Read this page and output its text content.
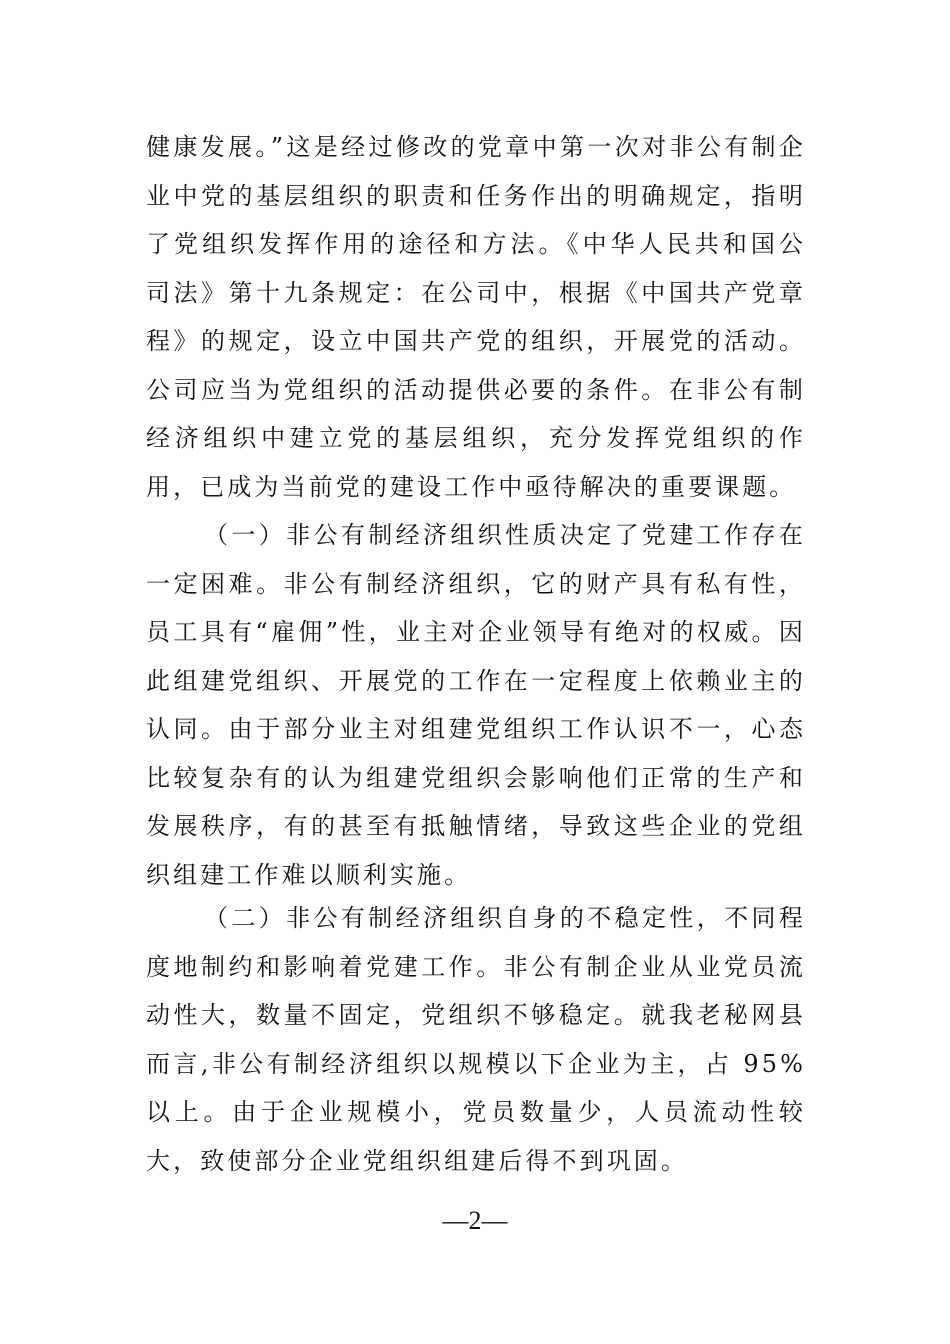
健康发展。”这是经过修改的党章中第一次对非公有制企业中党的基层组织的职责和任务作出的明确规定，指明了党组织发挥作用的途径和方法。《中华人民共和国公司法》第十九条规定：在公司中，根据《中国共产党章程》的规定，设立中国共产党的组织，开展党的活动。公司应当为党组织的活动提供必要的条件。在非公有制经济组织中建立党的基层组织，充分发挥党组织的作用，已成为当前党的建设工作中亟待解决的重要课题。

（一）非公有制经济组织性质决定了党建工作存在一定困难。非公有制经济组织，它的财产具有私有性，员工具有“雇佣”性，业主对企业领导有绝对的权威。因此组建党组织、开展党的工作在一定程度上依赖业主的认同。由于部分业主对组建党组织工作认识不一，心态比较复杂有的认为组建党组织会影响他们正常的生产和发展秩序，有的甚至有抵触情绪，导致这些企业的党组织组建工作难以顺利实施。

（二）非公有制经济组织自身的不稳定性，不同程度地制约和影响着党建工作。非公有制企业从业党员流动性大，数量不固定，党组织不够稳定。就我老秘网县而言,非公有制经济组织以规模以下企业为主，占 95%以上。由于企业规模小，党员数量少，人员流动性较大，致使部分企业党组织组建后得不到巩固。

—2—
